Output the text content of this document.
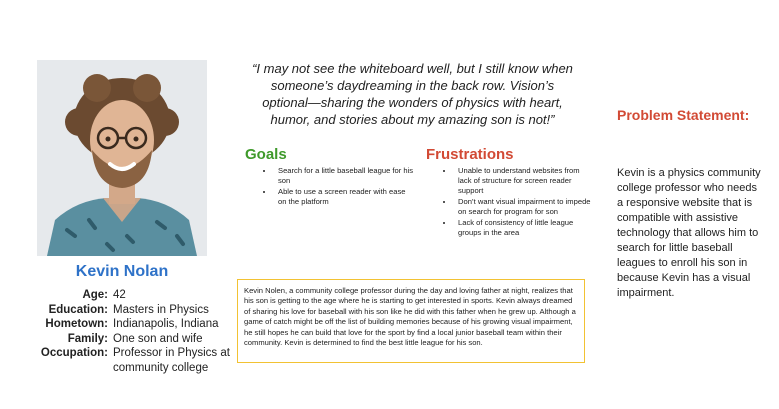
Kevin Nolan
Age: 42
Education: Masters in Physics
Hometown: Indianapolis, Indiana
Family: One son and wife
Occupation: Professor in Physics at community college
“I may not see the whiteboard well, but I still know when someone’s daydreaming in the back row. Vision’s optional—sharing the wonders of physics with heart, humor, and stories about my amazing son is not!”
Goals
• Search for a little baseball league for his son
• Able to use a screen reader with ease on the platform
Frustrations
• Unable to understand websites from lack of structure for screen reader support
• Don’t want visual impairment to impede on search for program for son
• Lack of consistency of little league groups in the area
Kevin Nolen, a community college professor during the day and loving father at night, realizes that his son is getting to the age where he is starting to get interested in sports. Kevin always dreamed of sharing his love for baseball with his son like he did with this father when he grew up. Although a game of catch might be off the list of building memories because of his growing visual impairment, he still hopes he can build that love for the sport by find a local junior baseball team within their community. Kevin is determined to find the best little league for his son.
Problem Statement:
Kevin is a physics community college professor who needs a responsive website that is compatible with assistive technology that allows him to search for little baseball leagues to enroll his son in because Kevin has a visual impairment.
